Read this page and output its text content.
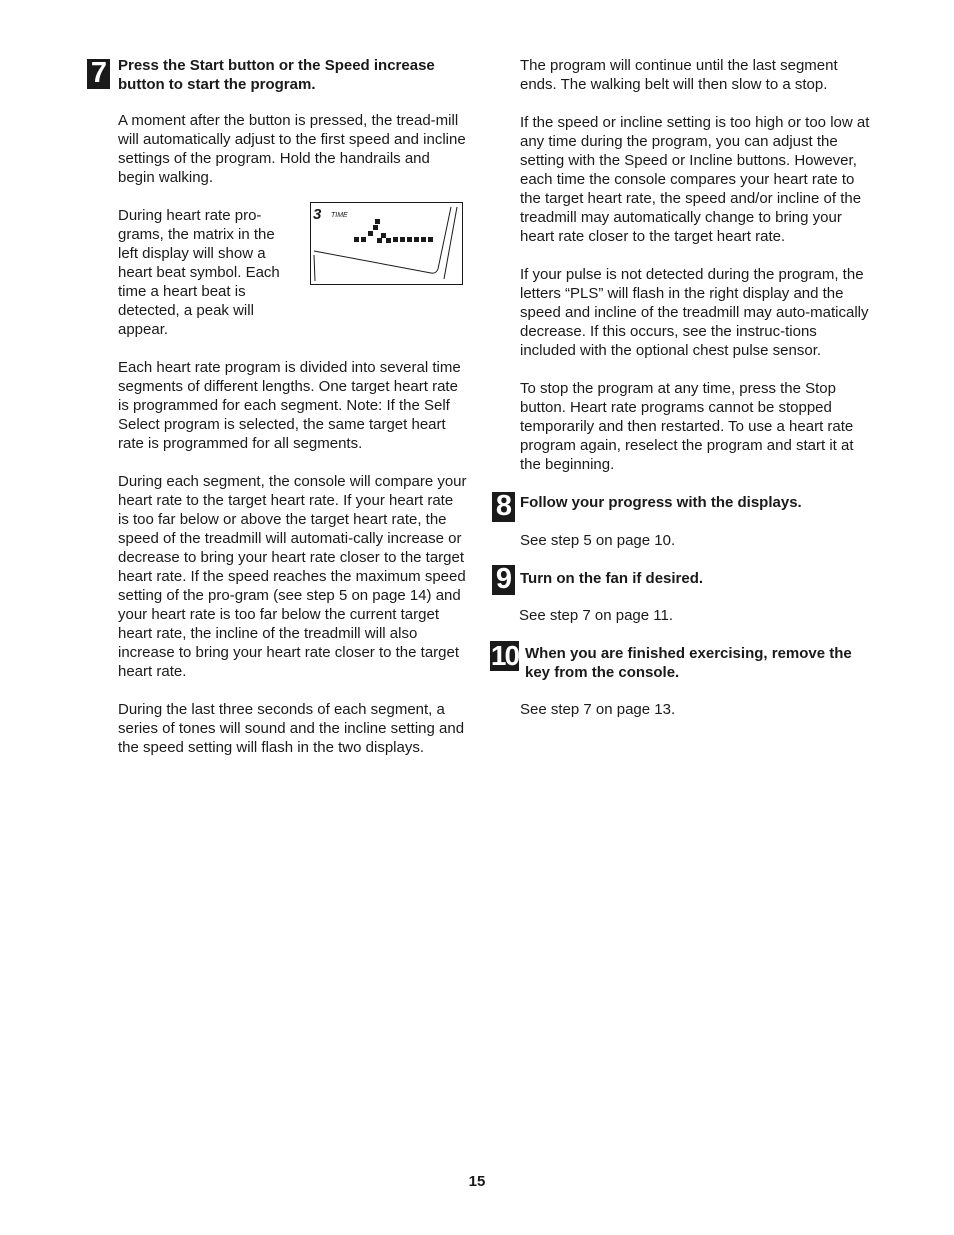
7 Press the Start button or the Speed increase button to start the program.

A moment after the button is pressed, the tread-mill will automatically adjust to the first speed and incline settings of the program. Hold the handrails and begin walking.

During heart rate pro-grams, the matrix in the left display will show a heart beat symbol. Each time a heart beat is detected, a peak will appear.

3 TIME

Each heart rate program is divided into several time segments of different lengths. One target heart rate is programmed for each segment. Note: If the Self Select program is selected, the same target heart rate is programmed for all segments.

During each segment, the console will compare your heart rate to the target heart rate. If your heart rate is too far below or above the target heart rate, the speed of the treadmill will automati-cally increase or decrease to bring your heart rate closer to the target heart rate. If the speed reaches the maximum speed setting of the pro-gram (see step 5 on page 14) and your heart rate is too far below the current target heart rate, the incline of the treadmill will also increase to bring your heart rate closer to the target heart rate.

During the last three seconds of each segment, a series of tones will sound and the incline setting and the speed setting will flash in the two displays.

The program will continue until the last segment ends. The walking belt will then slow to a stop.

If the speed or incline setting is too high or too low at any time during the program, you can adjust the setting with the Speed or Incline buttons. However, each time the console compares your heart rate to the target heart rate, the speed and/or incline of the treadmill may automatically change to bring your heart rate closer to the target heart rate.

If your pulse is not detected during the program, the letters “PLS” will flash in the right display and the speed and incline of the treadmill may auto-matically decrease. If this occurs, see the instruc-tions included with the optional chest pulse sensor.

To stop the program at any time, press the Stop button. Heart rate programs cannot be stopped temporarily and then restarted. To use a heart rate program again, reselect the program and start it at the beginning.

8 Follow your progress with the displays.

See step 5 on page 10.

9 Turn on the fan if desired.

See step 7 on page 11.

10 When you are finished exercising, remove the key from the console.

See step 7 on page 13.

15
